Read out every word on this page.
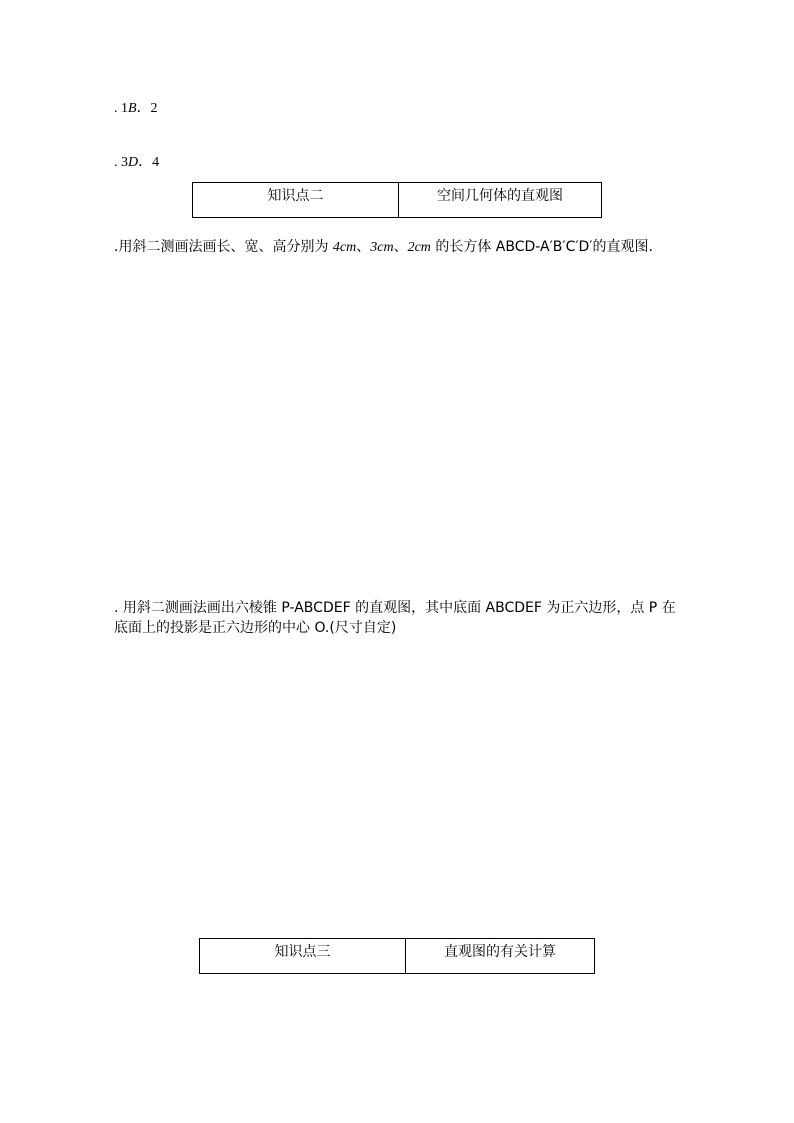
. 1B．2
. 3D．4
知识点二	空间几何体的直观图
.用斜二测画法画长、宽、高分别为 4cm、3cm、2cm 的长方体 ABCD-A′B′C′D′的直观图.
. 用斜二测画法画出六棱锥 P-ABCDEF 的直观图，其中底面 ABCDEF 为正六边形，点 P 在底面上的投影是正六边形的中心 O.(尺寸自定)
知识点三	直观图的有关计算
